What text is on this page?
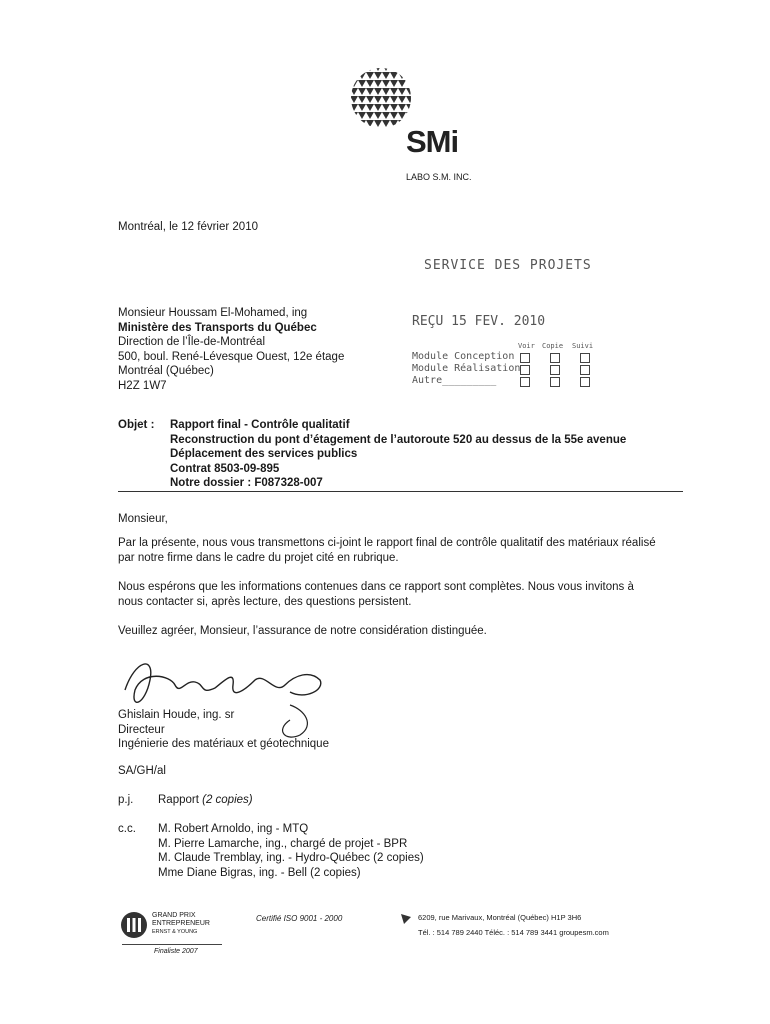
SMi
LABO S.M. INC.
Montréal, le 12 février 2010
SERVICE DES PROJETS
REÇU 15 FEV. 2010
Voir Copie Suivi
Module Conception
Module Réalisation
Autre_________
Monsieur Houssam El-Mohamed, ing
Ministère des Transports du Québec
Direction de l’Île-de-Montréal
500, boul. René-Lévesque Ouest, 12e étage
Montréal (Québec)
H2Z 1W7
Objet : Rapport final - Contrôle qualitatif
Reconstruction du pont d’étagement de l’autoroute 520 au dessus de la 55e avenue
Déplacement des services publics
Contrat 8503-09-895
Notre dossier : F087328-007
Monsieur,
Par la présente, nous vous transmettons ci-joint le rapport final de contrôle qualitatif des matériaux réalisé
par notre firme dans le cadre du projet cité en rubrique.
Nous espérons que les informations contenues dans ce rapport sont complètes. Nous vous invitons à
nous contacter si, après lecture, des questions persistent.
Veuillez agréer, Monsieur, l’assurance de notre considération distinguée.
Ghislain Houde, ing. sr
Directeur
Ingénierie des matériaux et géotechnique
SA/GH/al
p.j. Rapport (2 copies)
c.c. M. Robert Arnoldo, ing - MTQ
M. Pierre Lamarche, ing., chargé de projet - BPR
M. Claude Tremblay, ing. - Hydro-Québec (2 copies)
Mme Diane Bigras, ing. - Bell (2 copies)
GRAND PRIX
ENTREPRENEUR
ERNST & YOUNG
Finaliste 2007
Certifié ISO 9001 - 2000	6209, rue Marivaux, Montréal (Québec) H1P 3H6
Tél. : 514 789 2440 Téléc. : 514 789 3441 groupesm.com
